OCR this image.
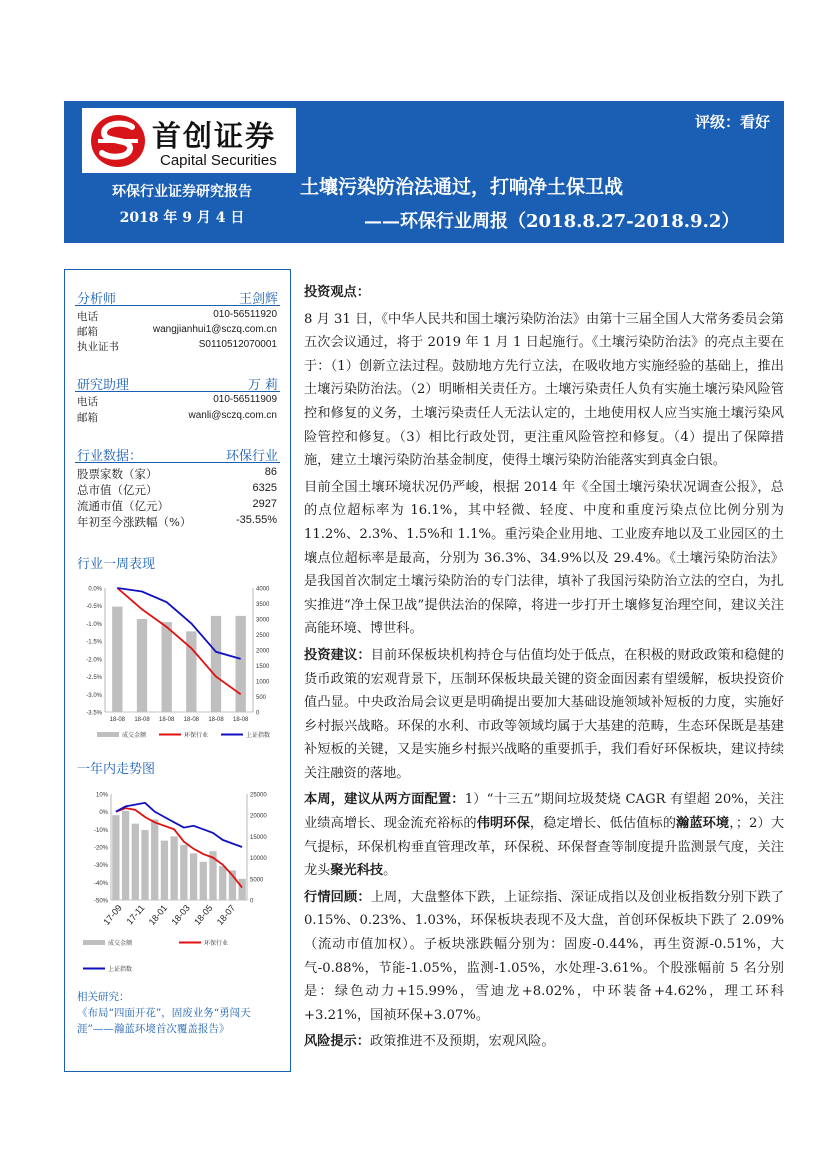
首创证券
Capital Securities
评级：看好
环保行业证券研究报告
2018 年 9 月 4 日
土壤污染防治法通过，打响净土保卫战
——环保行业周报（2018.8.27-2018.9.2）
分析师	王剑辉
电话	010-56511920
邮箱	wangjianhui1@sczq.com.cn
执业证书	S0110512070001
研究助理	万 莉
电话	010-56511909
邮箱	wanli@sczq.com.cn
行业数据：	环保行业
股票家数（家）	86
总市值（亿元）	6325
流通市值（亿元）	2927
年初至今涨跌幅（%）	-35.55%
行业一周表现
0.0%
-0.5%
-1.0%
-1.5%
-2.0%
-2.5%
-3.0%
-3.5%
4000
3500
3000
2500
2000
1500
1000
500
0
18-08 18-08 18-08 18-08 18-08 18-08
成交金额	环保行业	上证指数
一年内走势图
10%
0%
-10%
-20%
-30%
-40%
-50%
25000
20000
15000
10000
5000
0
17-09 17-11 18-01 18-03 18-05 18-07
成交金额	环保行业
上证指数
相关研究：
《布局“四面开花”，固废业务“勇闯天涯”——瀚蓝环境首次覆盖报告》
投资观点：

8 月 31 日，《中华人民共和国土壤污染防治法》由第十三届全国人大常务委员会第五次会议通过，将于 2019 年 1 月 1 日起施行。《土壤污染防治法》的亮点主要在于：（1）创新立法过程。鼓励地方先行立法，在吸收地方实施经验的基础上，推出土壤污染防治法。（2）明晰相关责任方。土壤污染责任人负有实施土壤污染风险管控和修复的义务，土壤污染责任人无法认定的，土地使用权人应当实施土壤污染风险管控和修复。（3）相比行政处罚，更注重风险管控和修复。（4）提出了保障措施，建立土壤污染防治基金制度，使得土壤污染防治能落实到真金白银。

目前全国土壤环境状况仍严峻，根据 2014 年《全国土壤污染状况调查公报》，总的点位超标率为 16.1%，其中轻微、轻度、中度和重度污染点位比例分别为 11.2%、2.3%、1.5%和 1.1%。重污染企业用地、工业废弃地以及工业园区的土壤点位超标率是最高，分别为 36.3%、34.9%以及 29.4%。《土壤污染防治法》是我国首次制定土壤污染防治的专门法律，填补了我国污染防治立法的空白，为扎实推进“净土保卫战”提供法治的保障，将进一步打开土壤修复治理空间，建议关注高能环境、博世科。

投资建议：目前环保板块机构持仓与估值均处于低点，在积极的财政政策和稳健的货币政策的宏观背景下，压制环保板块最关键的资金面因素有望缓解，板块投资价值凸显。中央政治局会议更是明确提出要加大基础设施领域补短板的力度，实施好乡村振兴战略。环保的水利、市政等领域均属于大基建的范畴，生态环保既是基建补短板的关键，又是实施乡村振兴战略的重要抓手，我们看好环保板块，建议持续关注融资的落地。

本周，建议从两方面配置：1）“十三五”期间垃圾焚烧 CAGR 有望超 20%，关注业绩高增长、现金流充裕标的伟明环保，稳定增长、低估值标的瀚蓝环境，；2）大气提标，环保机构垂直管理改革，环保税、环保督查等制度提升监测景气度，关注龙头聚光科技。

行情回顾：上周，大盘整体下跌，上证综指、深证成指以及创业板指数分别下跌了 0.15%、0.23%、1.03%，环保板块表现不及大盘，首创环保板块下跌了 2.09%（流动市值加权）。子板块涨跌幅分别为：固废-0.44%，再生资源-0.51%，大气-0.88%，节能-1.05%，监测-1.05%，水处理-3.61%。个股涨幅前 5 名分别是：绿色动力+15.99%，雪迪龙+8.02%，中环装备+4.62%，理工环科+3.21%，国祯环保+3.07%。

风险提示：政策推进不及预期，宏观风险。
